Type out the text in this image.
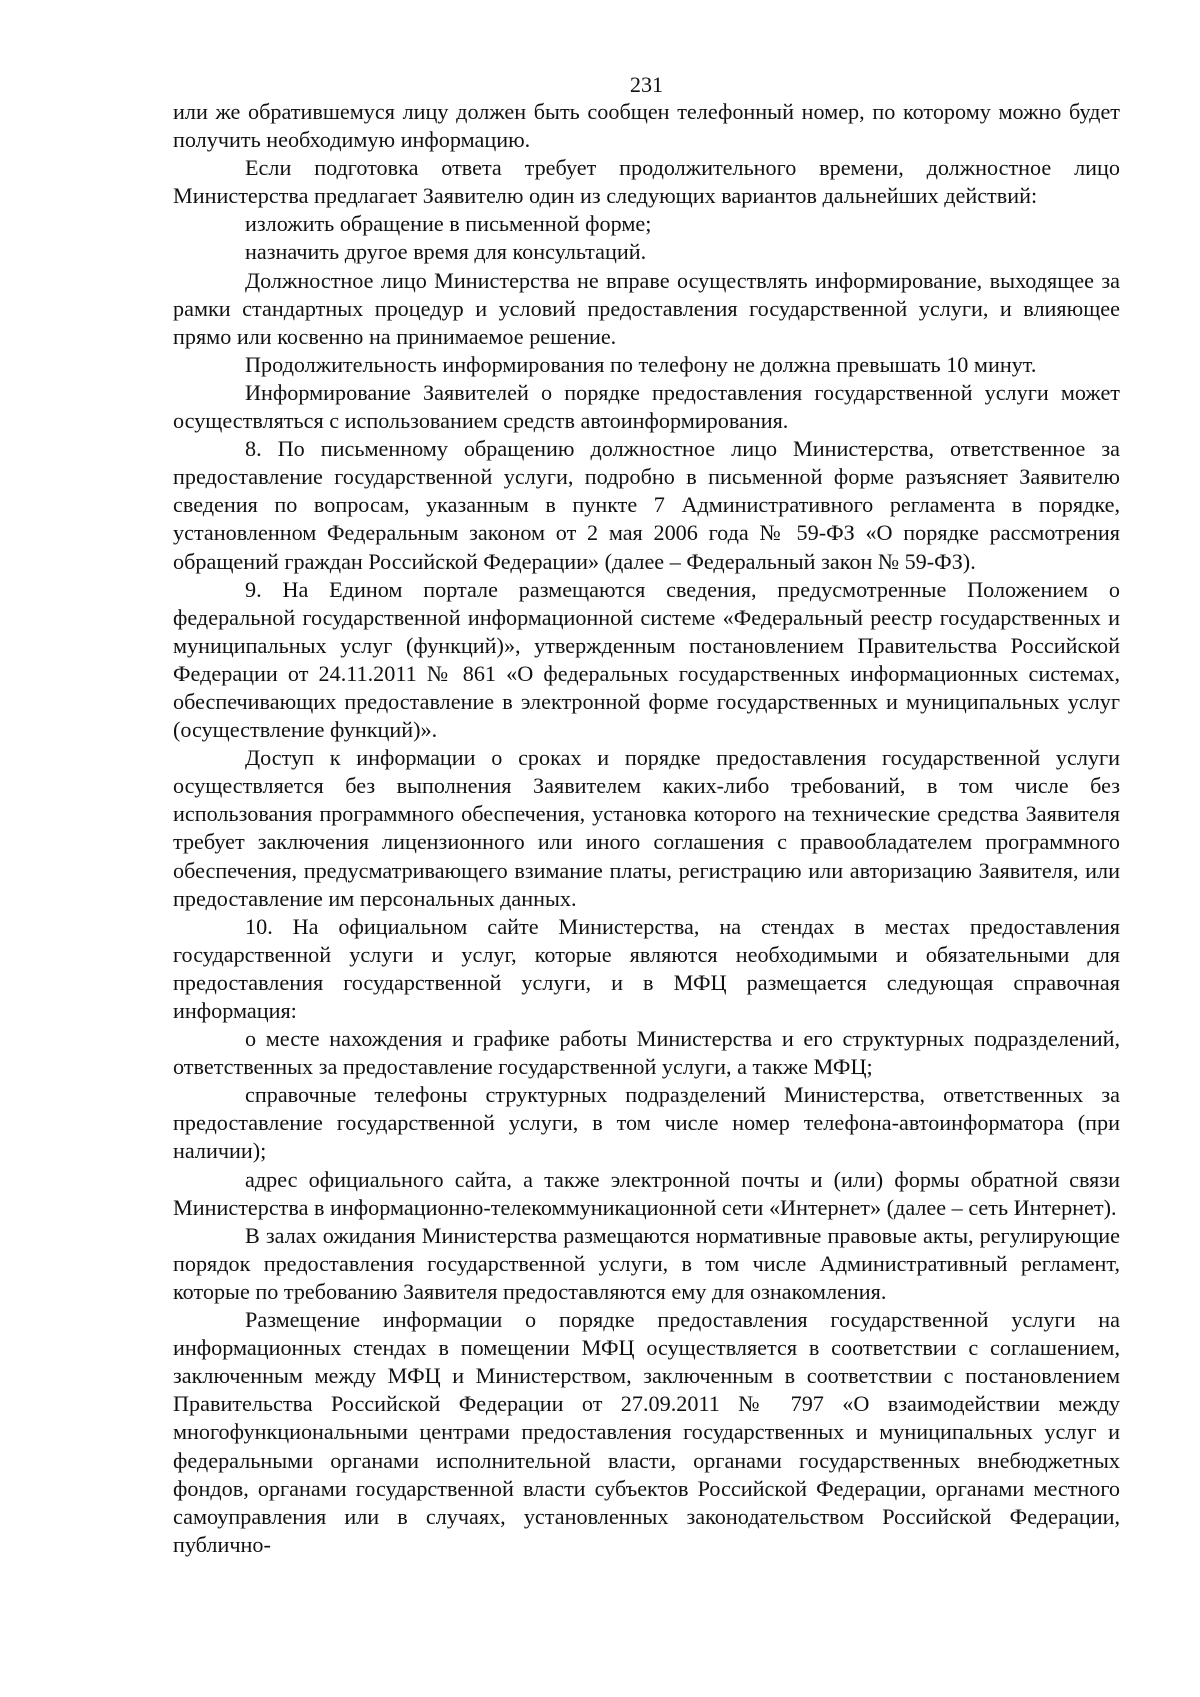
231

или же обратившемуся лицу должен быть сообщен телефонный номер, по которому можно будет получить необходимую информацию.

Если подготовка ответа требует продолжительного времени, должностное лицо Министерства предлагает Заявителю один из следующих вариантов дальнейших действий:

изложить обращение в письменной форме;

назначить другое время для консультаций.

Должностное лицо Министерства не вправе осуществлять информирование, выходящее за рамки стандартных процедур и условий предоставления государственной услуги, и влияющее прямо или косвенно на принимаемое решение.

Продолжительность информирования по телефону не должна превышать 10 минут.

Информирование Заявителей о порядке предоставления государственной услуги может осуществляться с использованием средств автоинформирования.

8. По письменному обращению должностное лицо Министерства, ответственное за предоставление государственной услуги, подробно в письменной форме разъясняет Заявителю сведения по вопросам, указанным в пункте 7 Административного регламента в порядке, установленном Федеральным законом от 2 мая 2006 года № 59-ФЗ «О порядке рассмотрения обращений граждан Российской Федерации» (далее – Федеральный закон № 59-ФЗ).

9. На Едином портале размещаются сведения, предусмотренные Положением о федеральной государственной информационной системе «Федеральный реестр государственных и муниципальных услуг (функций)», утвержденным постановлением Правительства Российской Федерации от 24.11.2011 № 861 «О федеральных государственных информационных системах, обеспечивающих предоставление в электронной форме государственных и муниципальных услуг (осуществление функций)».

Доступ к информации о сроках и порядке предоставления государственной услуги осуществляется без выполнения Заявителем каких-либо требований, в том числе без использования программного обеспечения, установка которого на технические средства Заявителя требует заключения лицензионного или иного соглашения с правообладателем программного обеспечения, предусматривающего взимание платы, регистрацию или авторизацию Заявителя, или предоставление им персональных данных.

10. На официальном сайте Министерства, на стендах в местах предоставления государственной услуги и услуг, которые являются необходимыми и обязательными для предоставления государственной услуги, и в МФЦ размещается следующая справочная информация:

о месте нахождения и графике работы Министерства и его структурных подразделений, ответственных за предоставление государственной услуги, а также МФЦ;

справочные телефоны структурных подразделений Министерства, ответственных за предоставление государственной услуги, в том числе номер телефона-автоинформатора (при наличии);

адрес официального сайта, а также электронной почты и (или) формы обратной связи Министерства в информационно-телекоммуникационной сети «Интернет» (далее – сеть Интернет).

В залах ожидания Министерства размещаются нормативные правовые акты, регулирующие порядок предоставления государственной услуги, в том числе Административный регламент, которые по требованию Заявителя предоставляются ему для ознакомления.

Размещение информации о порядке предоставления государственной услуги на информационных стендах в помещении МФЦ осуществляется в соответствии с соглашением, заключенным между МФЦ и Министерством, заключенным в соответствии с постановлением Правительства Российской Федерации от 27.09.2011 № 797 «О взаимодействии между многофункциональными центрами предоставления государственных и муниципальных услуг и федеральными органами исполнительной власти, органами государственных внебюджетных фондов, органами государственной власти субъектов Российской Федерации, органами местного самоуправления или в случаях, установленных законодательством Российской Федерации, публично-
